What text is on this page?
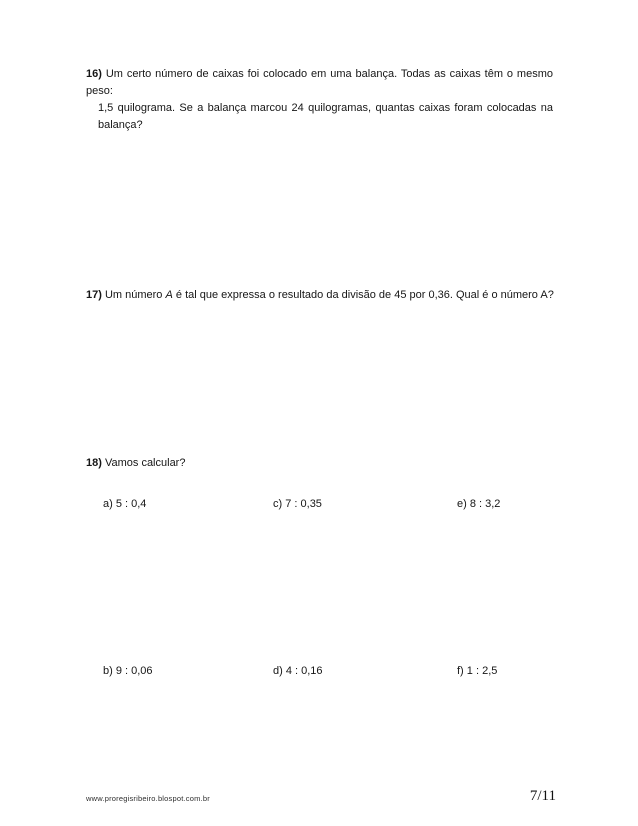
16) Um certo número de caixas foi colocado em uma balança. Todas as caixas têm o mesmo peso:
1,5 quilograma. Se a balança marcou 24 quilogramas, quantas caixas foram colocadas na
balança?
17) Um número A é tal que expressa o resultado da divisão de 45 por 0,36. Qual é o número A?
18) Vamos calcular?
a) 5 : 0,4	c) 7 : 0,35	e) 8 : 3,2
b) 9 : 0,06	d) 4 : 0,16	f) 1 : 2,5
www.proregisribeiro.blospot.com.br	7/11
